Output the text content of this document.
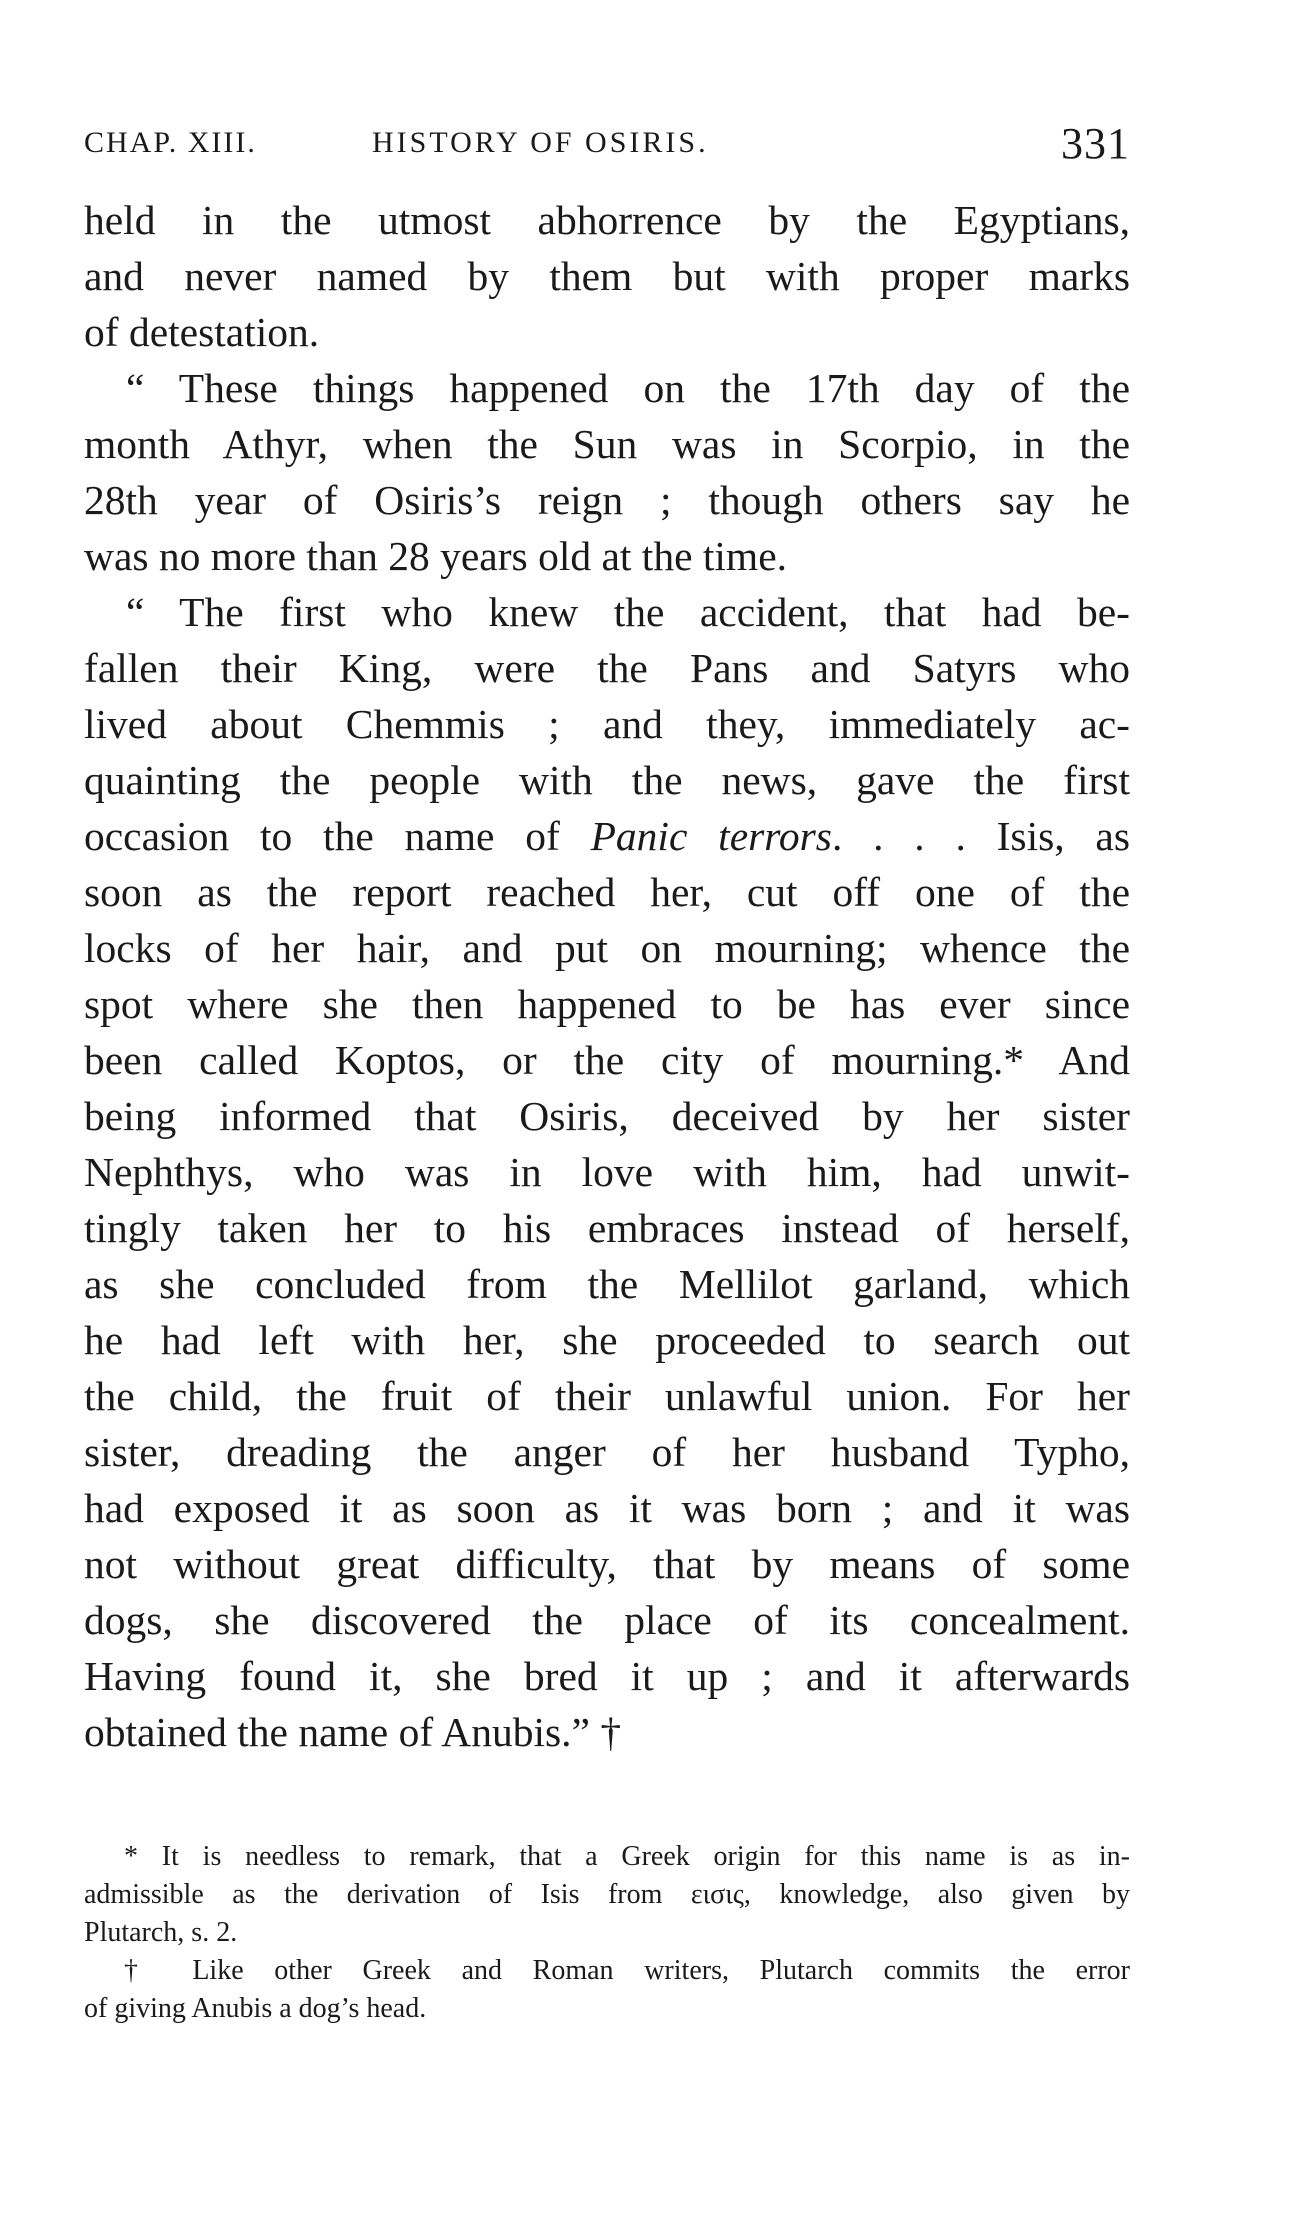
CHAP. XIII.	HISTORY OF OSIRIS.	331
held in the utmost abhorrence by the Egyptians,
and never named by them but with proper marks
of detestation.
“ These things happened on the 17th day of the
month Athyr, when the Sun was in Scorpio, in the
28th year of Osiris’s reign ; though others say he
was no more than 28 years old at the time.
“ The first who knew the accident, that had be-
fallen their King, were the Pans and Satyrs who
lived about Chemmis ; and they, immediately ac-
quainting the people with the news, gave the first
occasion to the name of Panic terrors. . . . Isis, as
soon as the report reached her, cut off one of the
locks of her hair, and put on mourning; whence the
spot where she then happened to be has ever since
been called Koptos, or the city of mourning.* And
being informed that Osiris, deceived by her sister
Nephthys, who was in love with him, had unwit-
tingly taken her to his embraces instead of herself,
as she concluded from the Mellilot garland, which
he had left with her, she proceeded to search out
the child, the fruit of their unlawful union. For her
sister, dreading the anger of her husband Typho,
had exposed it as soon as it was born ; and it was
not without great difficulty, that by means of some
dogs, she discovered the place of its concealment.
Having found it, she bred it up ; and it afterwards
obtained the name of Anubis.” †
* It is needless to remark, that a Greek origin for this name is as in-
admissible as the derivation of Isis from εισις, knowledge, also given by
Plutarch, s. 2.
† Like other Greek and Roman writers, Plutarch commits the error
of giving Anubis a dog’s head.
